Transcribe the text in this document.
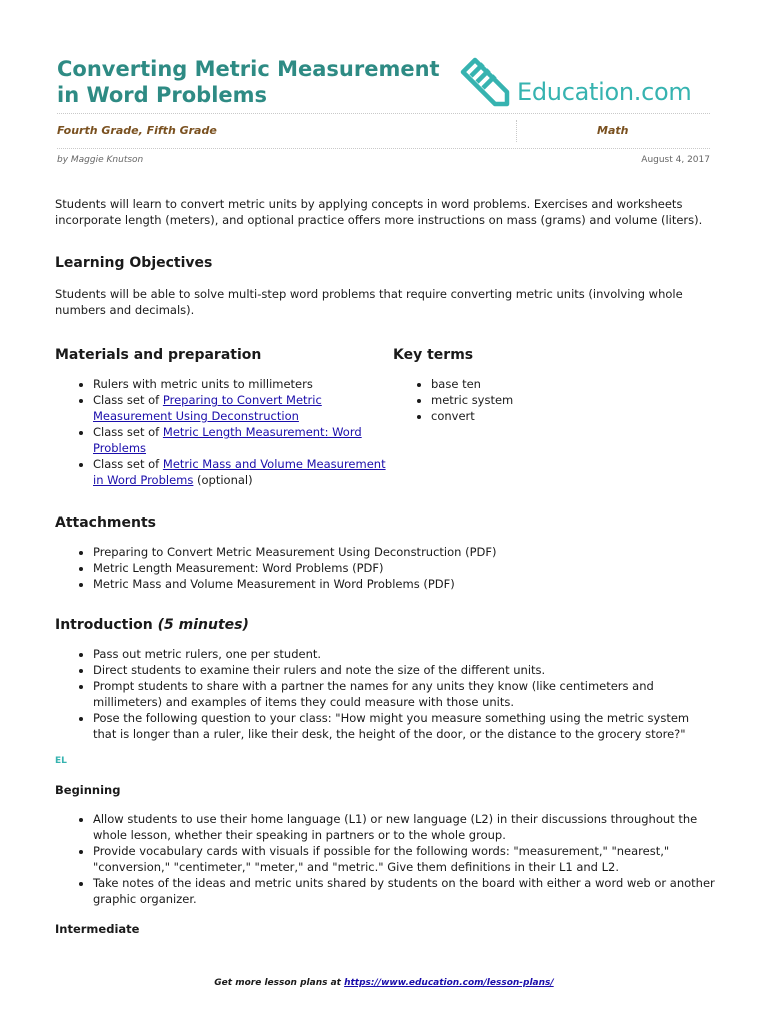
Converting Metric Measurement
in Word Problems	Education.com
Fourth Grade, Fifth Grade	Math
by Maggie Knutson	August 4, 2017

Students will learn to convert metric units by applying concepts in word problems. Exercises and worksheets incorporate length (meters), and optional practice offers more instructions on mass (grams) and volume (liters).

Learning Objectives

Students will be able to solve multi-step word problems that require converting metric units (involving whole numbers and decimals).

Materials and preparation
• Rulers with metric units to millimeters
• Class set of Preparing to Convert Metric Measurement Using Deconstruction
• Class set of Metric Length Measurement: Word Problems
• Class set of Metric Mass and Volume Measurement in Word Problems (optional)
Key terms
• base ten
• metric system
• convert
Attachments
• Preparing to Convert Metric Measurement Using Deconstruction (PDF)
• Metric Length Measurement: Word Problems (PDF)
• Metric Mass and Volume Measurement in Word Problems (PDF)
Introduction (5 minutes)
• Pass out metric rulers, one per student.
• Direct students to examine their rulers and note the size of the different units.
• Prompt students to share with a partner the names for any units they know (like centimeters and millimeters) and examples of items they could measure with those units.
• Pose the following question to your class: "How might you measure something using the metric system that is longer than a ruler, like their desk, the height of the door, or the distance to the grocery store?"
EL
Beginning
• Allow students to use their home language (L1) or new language (L2) in their discussions throughout the whole lesson, whether their speaking in partners or to the whole group.
• Provide vocabulary cards with visuals if possible for the following words: "measurement," "nearest," "conversion," "centimeter," "meter," and "metric." Give them definitions in their L1 and L2.
• Take notes of the ideas and metric units shared by students on the board with either a word web or another graphic organizer.
Intermediate
Get more lesson plans at https://www.education.com/lesson-plans/
